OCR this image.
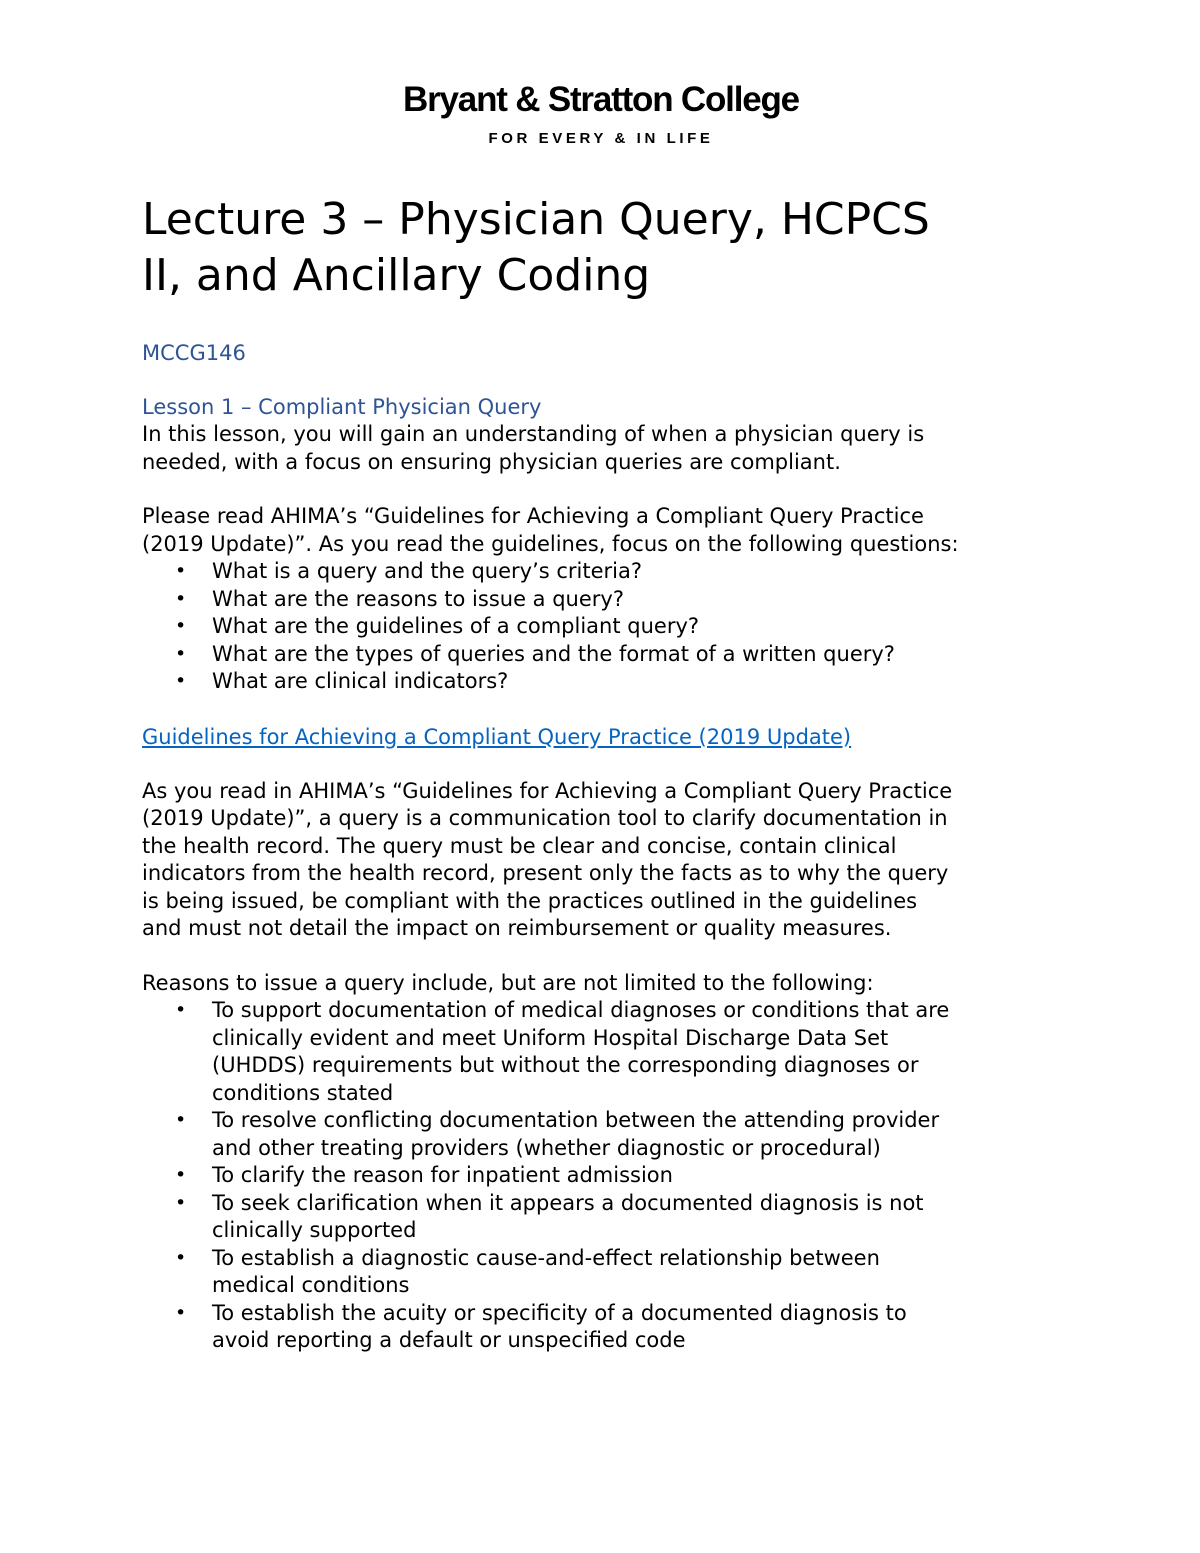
Bryant & Stratton College
FOR EVERY & IN LIFE
Lecture 3 – Physician Query, HCPCS
II, and Ancillary Coding
MCCG146
Lesson 1 – Compliant Physician Query

In this lesson, you will gain an understanding of when a physician query is
needed, with a focus on ensuring physician queries are compliant.

Please read AHIMA’s “Guidelines for Achieving a Compliant Query Practice
(2019 Update)”. As you read the guidelines, focus on the following questions:

• What is a query and the query’s criteria?
• What are the reasons to issue a query?
• What are the guidelines of a compliant query?
• What are the types of queries and the format of a written query?
• What are clinical indicators?
Guidelines for Achieving a Compliant Query Practice (2019 Update)

As you read in AHIMA’s “Guidelines for Achieving a Compliant Query Practice
(2019 Update)”, a query is a communication tool to clarify documentation in
the health record. The query must be clear and concise, contain clinical
indicators from the health record, present only the facts as to why the query
is being issued, be compliant with the practices outlined in the guidelines
and must not detail the impact on reimbursement or quality measures.

Reasons to issue a query include, but are not limited to the following:

• To support documentation of medical diagnoses or conditions that are
clinically evident and meet Uniform Hospital Discharge Data Set
(UHDDS) requirements but without the corresponding diagnoses or
conditions stated
• To resolve conflicting documentation between the attending provider
and other treating providers (whether diagnostic or procedural)
• To clarify the reason for inpatient admission
• To seek clarification when it appears a documented diagnosis is not
clinically supported
• To establish a diagnostic cause-and-effect relationship between
medical conditions
• To establish the acuity or specificity of a documented diagnosis to
avoid reporting a default or unspecified code
